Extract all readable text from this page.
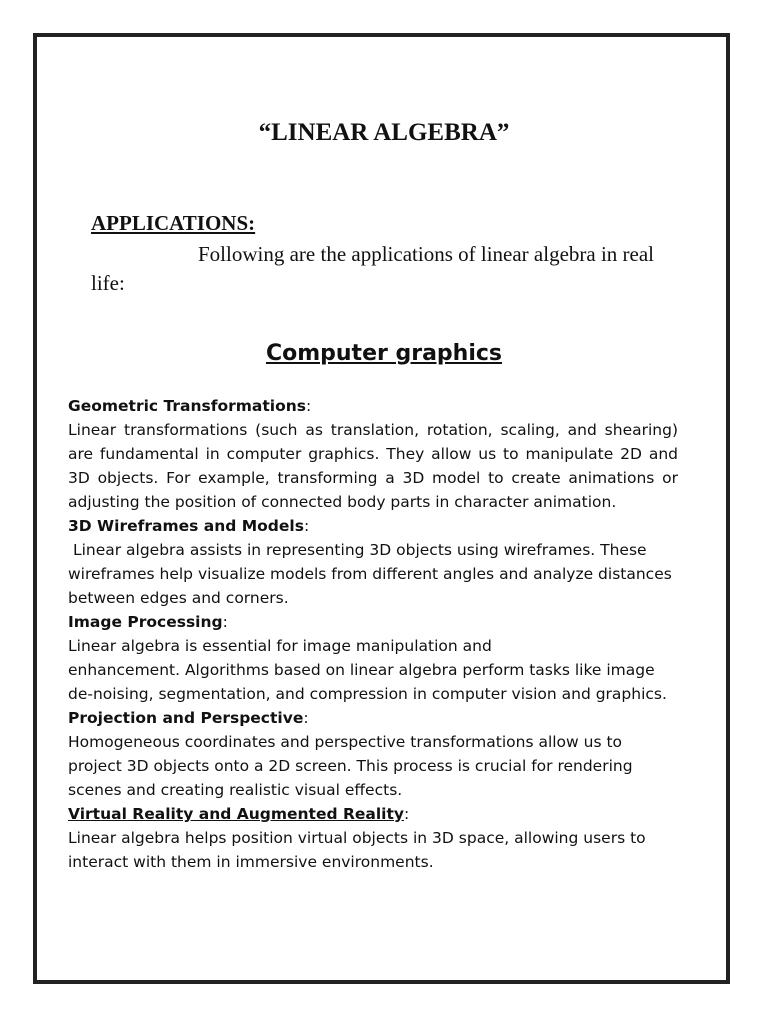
“LINEAR ALGEBRA”
APPLICATIONS:

Following are the applications of linear algebra in real life:

Computer graphics

Geometric Transformations:

Linear transformations (such as translation, rotation, scaling, and shearing) are fundamental in computer graphics. They allow us to manipulate 2D and 3D objects. For example, transforming a 3D model to create animations or adjusting the position of connected body parts in character animation.

3D Wireframes and Models:

Linear algebra assists in representing 3D objects using wireframes. These wireframes help visualize models from different angles and analyze distances between edges and corners.

Image Processing:

Linear algebra is essential for image manipulation and

enhancement. Algorithms based on linear algebra perform tasks like image

de-noising, segmentation, and compression in computer vision and graphics.

Projection and Perspective:

Homogeneous coordinates and perspective transformations allow us to project 3D objects onto a 2D screen. This process is crucial for rendering scenes and creating realistic visual effects.

Virtual Reality and Augmented Reality:

Linear algebra helps position virtual objects in 3D space, allowing users to interact with them in immersive environments.
